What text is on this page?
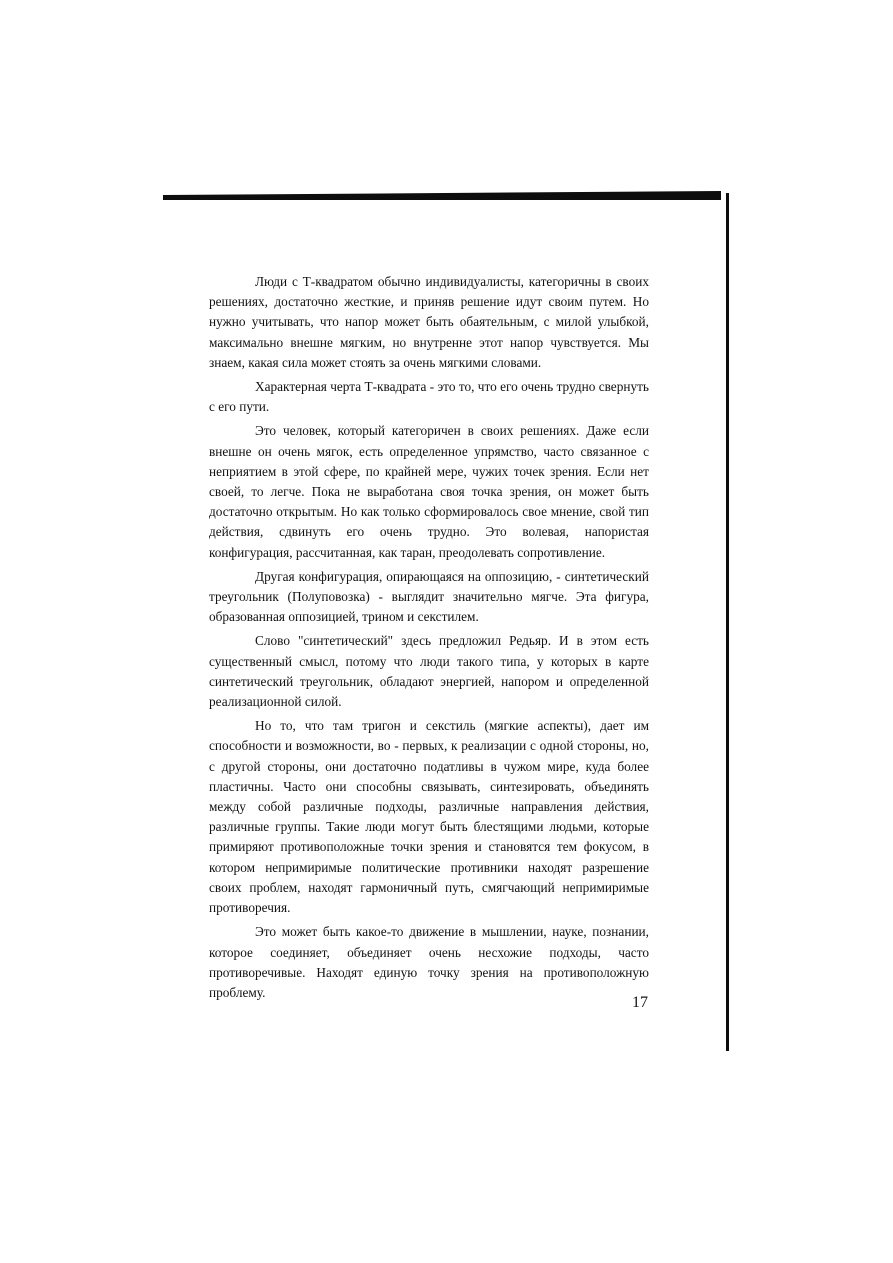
Люди с Т-квадратом обычно индивидуалисты, категоричны в своих решениях, достаточно жесткие, и приняв решение идут своим путем. Но нужно учитывать, что напор может быть обаятельным, с милой улыбкой, максимально внешне мягким, но внутренне этот напор чувствуется. Мы знаем, какая сила может стоять за очень мягкими словами.

Характерная черта Т-квадрата - это то, что его очень трудно свернуть с его пути.

Это человек, который категоричен в своих решениях. Даже если внешне он очень мягок, есть определенное упрямство, часто связанное с неприятием в этой сфере, по крайней мере, чужих точек зрения. Если нет своей, то легче. Пока не выработана своя точка зрения, он может быть достаточно открытым. Но как только сформировалось свое мнение, свой тип действия, сдвинуть его очень трудно. Это волевая, напористая конфигурация, рассчитанная, как таран, преодолевать сопротивление.

Другая конфигурация, опирающаяся на оппозицию, - синтетический треугольник (Полуповозка) - выглядит значительно мягче. Эта фигура, образованная оппозицией, трином и секстилем.

Слово "синтетический" здесь предложил Редьяр. И в этом есть существенный смысл, потому что люди такого типа, у которых в карте синтетический треугольник, обладают энергией, напором и определенной реализационной силой.

Но то, что там тригон и секстиль (мягкие аспекты), дает им способности и возможности, во - первых, к реализации с одной стороны, но, с другой стороны, они достаточно податливы в чужом мире, куда более пластичны. Часто они способны связывать, синтезировать, объединять между собой различные подходы, различные направления действия, различные группы. Такие люди могут быть блестящими людьми, которые примиряют противоположные точки зрения и становятся тем фокусом, в котором непримиримые политические противники находят разрешение своих проблем, находят гармоничный путь, смягчающий непримиримые противоречия.

Это может быть какое-то движение в мышлении, науке, познании, которое соединяет, объединяет очень несхожие подходы, часто противоречивые. Находят единую точку зрения на противоположную проблему.

17
